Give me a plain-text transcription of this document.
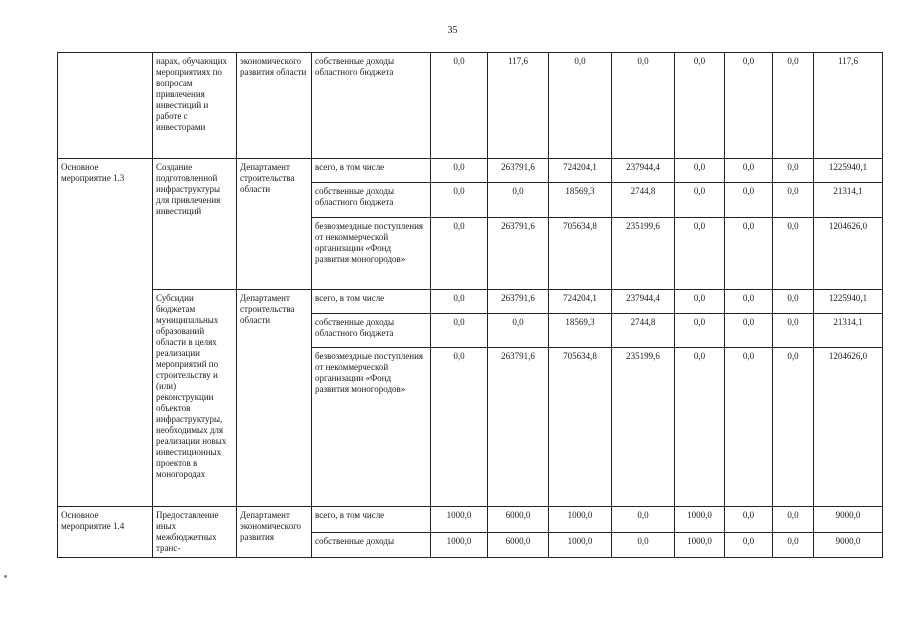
35
	нарах, обучающих мероприятиях по вопросам привлечения инвестиций и работе с инвесторами	экономического развития области	собственные доходы областного бюджета	0,0	117,6	0,0	0,0	0,0	0,0	0,0	117,6
Основное мероприятие 1.3	Создание подготовленной инфраструктуры для привлечения инвестиций	Департамент строительства области	всего, в том числе	0,0	263791,6	724204,1	237944,4	0,0	0,0	0,0	1225940,1
			собственные доходы областного бюджета	0,0	0,0	18569,3	2744,8	0,0	0,0	0,0	21314,1
			безвозмездные поступления от некоммерческой организации «Фонд развития моногородов»	0,0	263791,6	705634,8	235199,6	0,0	0,0	0,0	1204626,0
	Субсидии бюджетам муниципальных образований области в целях реализации мероприятий по строительству и (или) реконструкции объектов инфраструктуры, необходимых для реализации новых инвестиционных проектов в моногородах	Департамент строительства области	всего, в том числе	0,0	263791,6	724204,1	237944,4	0,0	0,0	0,0	1225940,1
			собственные доходы областного бюджета	0,0	0,0	18569,3	2744,8	0,0	0,0	0,0	21314,1
			безвозмездные поступления от некоммерческой организации «Фонд развития моногородов»	0,0	263791,6	705634,8	235199,6	0,0	0,0	0,0	1204626,0
Основное мероприятие 1.4	Предоставление иных межбюджетных транс-	Департамент экономического развития	всего, в том числе	1000,0	6000,0	1000,0	0,0	1000,0	0,0	0,0	9000,0
			собственные доходы	1000,0	6000,0	1000,0	0,0	1000,0	0,0	0,0	9000,0
